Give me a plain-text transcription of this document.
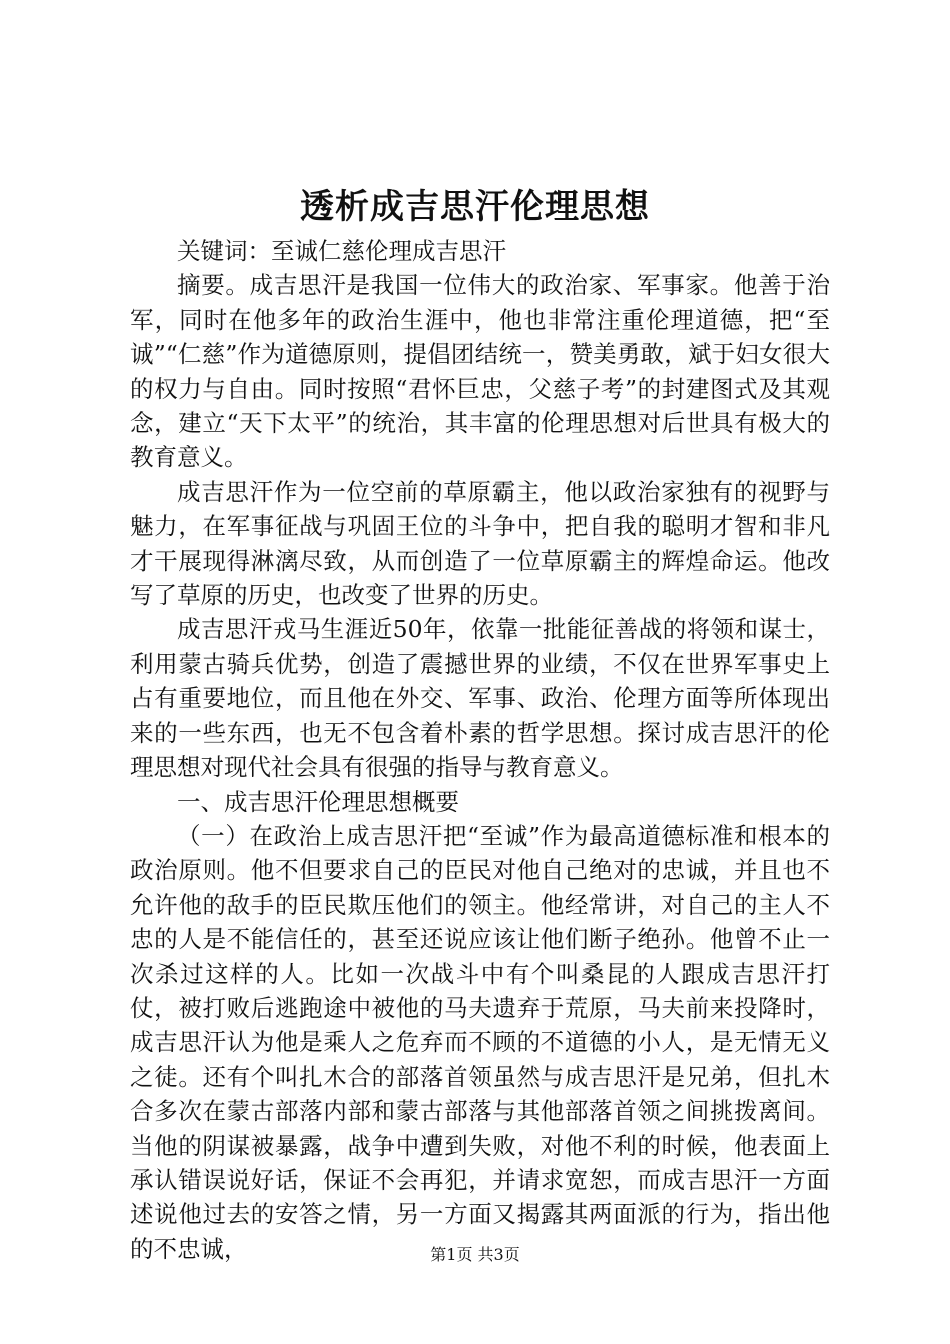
透析成吉思汗伦理思想

关键词：至诚仁慈伦理成吉思汗

摘要。成吉思汗是我国一位伟大的政治家、军事家。他善于治军，同时在他多年的政治生涯中，他也非常注重伦理道德，把“至诚”“仁慈”作为道德原则，提倡团结统一，赞美勇敢，斌于妇女很大的权力与自由。同时按照“君怀巨忠，父慈子考”的封建图式及其观念，建立“天下太平”的统治，其丰富的伦理思想对后世具有极大的教育意义。

成吉思汗作为一位空前的草原霸主，他以政治家独有的视野与魅力，在军事征战与巩固王位的斗争中，把自我的聪明才智和非凡才干展现得淋漓尽致，从而创造了一位草原霸主的辉煌命运。他改写了草原的历史，也改变了世界的历史。

成吉思汗戎马生涯近50年，依靠一批能征善战的将领和谋士，利用蒙古骑兵优势，创造了震撼世界的业绩，不仅在世界军事史上占有重要地位，而且他在外交、军事、政治、伦理方面等所体现出来的一些东西，也无不包含着朴素的哲学思想。探讨成吉思汗的伦理思想对现代社会具有很强的指导与教育意义。

一、成吉思汗伦理思想概要

（一）在政治上成吉思汗把“至诚”作为最高道德标准和根本的政治原则。他不但要求自己的臣民对他自己绝对的忠诚，并且也不允许他的敌手的臣民欺压他们的领主。他经常讲，对自己的主人不忠的人是不能信任的，甚至还说应该让他们断子绝孙。他曾不止一次杀过这样的人。比如一次战斗中有个叫桑昆的人跟成吉思汗打仗，被打败后逃跑途中被他的马夫遗弃于荒原，马夫前来投降时，成吉思汗认为他是乘人之危弃而不顾的不道德的小人，是无情无义之徒。还有个叫扎木合的部落首领虽然与成吉思汗是兄弟，但扎木合多次在蒙古部落内部和蒙古部落与其他部落首领之间挑拨离间。当他的阴谋被暴露，战争中遭到失败，对他不利的时候，他表面上承认错误说好话，保证不会再犯，并请求宽恕，而成吉思汗一方面述说他过去的安答之情，另一方面又揭露其两面派的行为，指出他的不忠诚，	第1页 共3页
